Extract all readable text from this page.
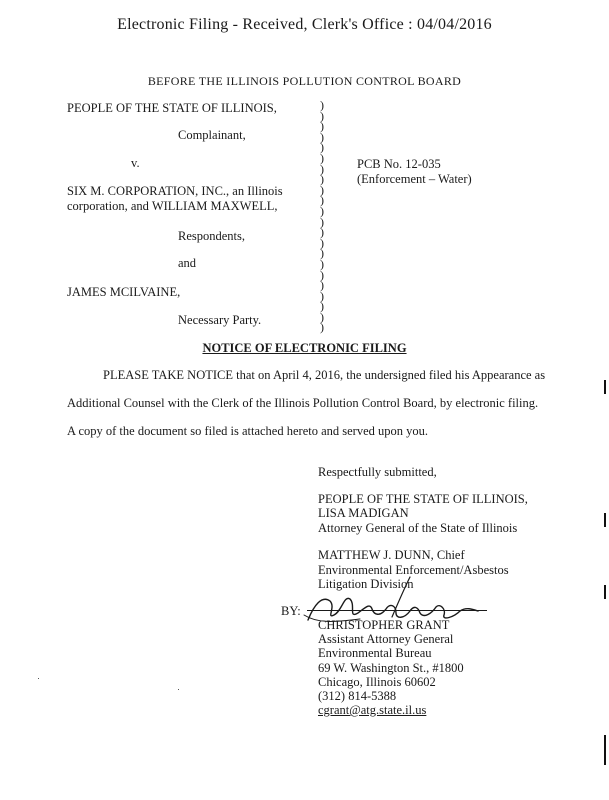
Electronic Filing - Received, Clerk's Office : 04/04/2016
BEFORE THE ILLINOIS POLLUTION CONTROL BOARD
PEOPLE OF THE STATE OF ILLINOIS,
Complainant,
v.
SIX M. CORPORATION, INC., an Illinois
corporation, and WILLIAM MAXWELL,
Respondents,
and
JAMES MCILVAINE,
Necessary Party.
)
)
)
)
)
)
)
)
)
)
)
)
)
)
)
)
)
)
)
)
)
)
PCB No. 12-035
(Enforcement – Water)
NOTICE OF ELECTRONIC FILING
PLEASE TAKE NOTICE that on April 4, 2016, the undersigned filed his Appearance as
Additional Counsel with the Clerk of the Illinois Pollution Control Board, by electronic filing.
A copy of the document so filed is attached hereto and served upon you.
Respectfully submitted,
PEOPLE OF THE STATE OF ILLINOIS,
LISA MADIGAN
Attorney General of the State of Illinois
MATTHEW J. DUNN, Chief
Environmental Enforcement/Asbestos
Litigation Division
BY:
CHRISTOPHER GRANT
Assistant Attorney General
Environmental Bureau
69 W. Washington St., #1800
Chicago, Illinois 60602
(312) 814-5388
cgrant@atg.state.il.us
